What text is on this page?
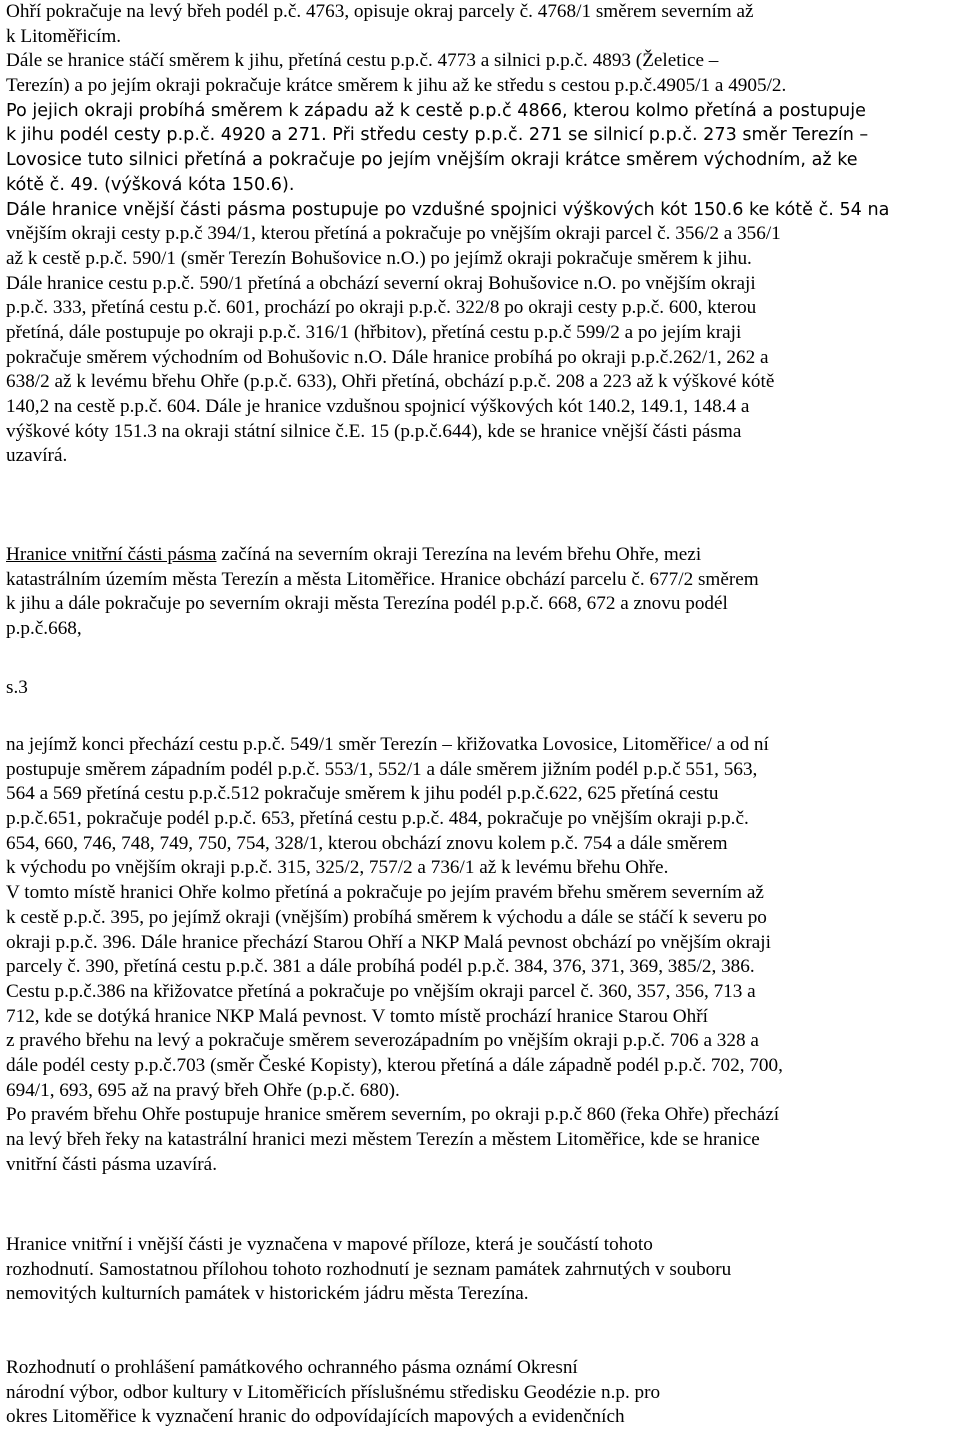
Ohří pokračuje na levý břeh podél p.č. 4763, opisuje okraj parcely č. 4768/1 směrem severním až
k Litoměřicím.
Dále se hranice stáčí směrem k jihu, přetíná cestu p.p.č. 4773 a silnici p.p.č. 4893 (Želetice –
Terezín) a po jejím okraji pokračuje krátce směrem k jihu až ke středu s cestou p.p.č.4905/1 a 4905/2.
Po jejich okraji probíhá směrem k západu až k cestě p.p.č 4866, kterou kolmo přetíná a postupuje
k jihu podél cesty p.p.č. 4920 a 271. Při středu cesty p.p.č. 271 se silnicí p.p.č. 273 směr Terezín –
Lovosice tuto silnici přetíná a pokračuje po jejím vnějším okraji krátce směrem východním, až ke
kótě č. 49. (výšková kóta 150.6).
Dále hranice vnější části pásma postupuje po vzdušné spojnici výškových kót 150.6 ke kótě č. 54 na
vnějším okraji cesty p.p.č 394/1, kterou přetíná a pokračuje po vnějším okraji parcel č. 356/2 a 356/1
až k cestě p.p.č. 590/1 (směr Terezín Bohušovice n.O.) po jejímž okraji pokračuje směrem k jihu.
Dále hranice cestu p.p.č. 590/1 přetíná a obchází severní okraj Bohušovice n.O. po vnějším okraji
p.p.č. 333, přetíná cestu p.č. 601, prochází po okraji p.p.č. 322/8 po okraji cesty p.p.č. 600, kterou
přetíná, dále postupuje po okraji p.p.č. 316/1 (hřbitov), přetíná cestu p.p.č 599/2 a po jejím kraji
pokračuje směrem východním od Bohušovic n.O. Dále hranice probíhá po okraji p.p.č.262/1, 262 a
638/2 až k levému břehu Ohře (p.p.č. 633), Ohři přetíná, obchází p.p.č. 208 a 223 až k výškové kótě
140,2 na cestě p.p.č. 604. Dále je hranice vzdušnou spojnicí výškových kót 140.2, 149.1, 148.4 a
výškové kóty 151.3 na okraji státní silnice č.E. 15 (p.p.č.644), kde se hranice vnější části pásma
uzavírá.
Hranice vnitřní části pásma začíná na severním okraji Terezína na levém břehu Ohře, mezi
katastrálním územím města Terezín a města Litoměřice. Hranice obchází parcelu č. 677/2 směrem
k jihu a dále pokračuje po severním okraji města Terezína podél p.p.č. 668, 672 a znovu podél
p.p.č.668,
s.3
na jejímž konci přechází cestu p.p.č. 549/1 směr Terezín – křižovatka Lovosice, Litoměřice/ a od ní
postupuje směrem západním podél p.p.č. 553/1, 552/1 a dále směrem jižním podél p.p.č 551, 563,
564 a 569 přetíná cestu p.p.č.512 pokračuje směrem k jihu podél p.p.č.622, 625 přetíná cestu
p.p.č.651, pokračuje podél p.p.č. 653, přetíná cestu p.p.č. 484, pokračuje po vnějším okraji p.p.č.
654, 660, 746, 748, 749, 750, 754, 328/1, kterou obchází znovu kolem p.č. 754 a dále směrem
k východu po vnějším okraji p.p.č. 315, 325/2, 757/2 a 736/1 až k levému břehu Ohře.
V tomto místě hranici Ohře kolmo přetíná a pokračuje po jejím pravém břehu směrem severním až
k cestě p.p.č. 395, po jejímž okraji (vnějším) probíhá směrem k východu a dále se stáčí k severu po
okraji p.p.č. 396. Dále hranice přechází Starou Ohří a NKP Malá pevnost obchází po vnějším okraji
parcely č. 390, přetíná cestu p.p.č. 381 a dále probíhá podél p.p.č. 384, 376, 371, 369, 385/2, 386.
Cestu p.p.č.386 na křižovatce přetíná a pokračuje po vnějším okraji parcel č. 360, 357, 356, 713 a
712, kde se dotýká hranice NKP Malá pevnost. V tomto místě prochází hranice Starou Ohří
z pravého břehu na levý a pokračuje směrem severozápadním po vnějším okraji p.p.č. 706 a 328 a
dále podél cesty p.p.č.703 (směr České Kopisty), kterou přetíná a dále západně podél p.p.č. 702, 700,
694/1, 693, 695 až na pravý břeh Ohře (p.p.č. 680).
Po pravém břehu Ohře postupuje hranice směrem severním, po okraji p.p.č 860 (řeka Ohře) přechází
na levý břeh řeky na katastrální hranici mezi městem Terezín a městem Litoměřice, kde se hranice
vnitřní části pásma uzavírá.
Hranice vnitřní i vnější části je vyznačena v mapové příloze, která je součástí tohoto
rozhodnutí. Samostatnou přílohou tohoto rozhodnutí je seznam památek zahrnutých v souboru
nemovitých kulturních památek v historickém jádru města Terezína.
Rozhodnutí o prohlášení památkového ochranného pásma oznámí Okresní
národní výbor, odbor kultury v Litoměřicích příslušnému středisku Geodézie n.p. pro
okres Litoměřice k vyznačení hranic do odpovídajících mapových a evidenčních
